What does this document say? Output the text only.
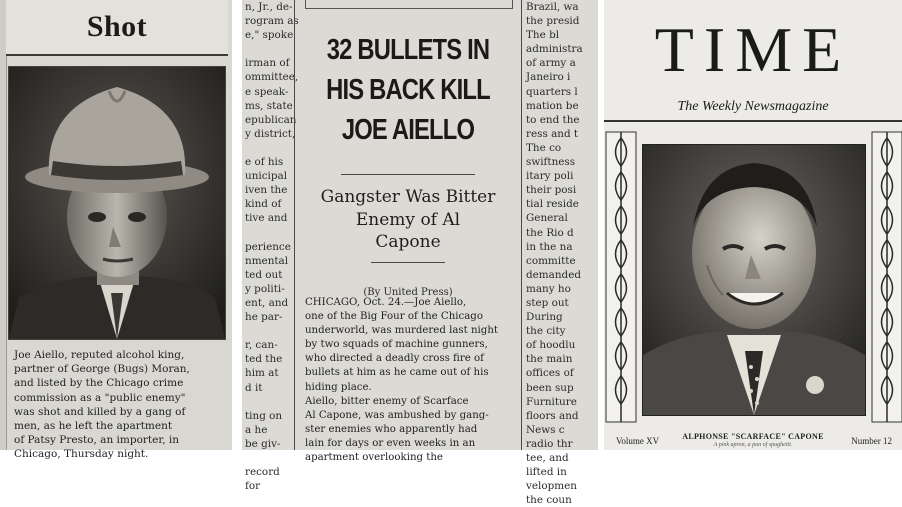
Shot
Joe Aiello, reputed alcohol king,
partner of George (Bugs) Moran,
and listed by the Chicago crime
commission as a "public enemy"
was shot and killed by a gang of
men, as he left the apartment
of Patsy Presto, an importer, in
Chicago, Thursday night.
n, Jr., de-
rogram as
e," spoke

irman of
ommittee,
e speak-
ms, state
epublican
y district,

e of his
unicipal
iven the
kind of
tive and

perience
nmental
ted out
y politi-
ent, and
he par-

r, can-
ted the
him at
d it

ting on
a he
be giv-

record
for
32 BULLETS IN
HIS BACK KILL
JOE AIELLO
Gangster Was Bitter
Enemy of Al
Capone
(By United Press)
CHICAGO, Oct. 24.—Joe Aiello,
one of the Big Four of the Chicago
underworld, was murdered last night
by two squads of machine gunners,
who directed a deadly cross fire of
bullets at him as he came out of his
hiding place.
Aiello, bitter enemy of Scarface
Al Capone, was ambushed by gang-
ster enemies who apparently had
lain for days or even weeks in an
apartment overlooking the
Brazil, wa
the presid
The bl
administra
of army a
Janeiro i
quarters l
mation be
to end the
ress and t
The co
swiftness
itary poli
their posi
tial reside
General
the Rio d
in the na
committe
demanded
many ho
step out
During
the city
of hoodlu
the main
offices of
been sup
Furniture
floors and
News c
radio thr
tee, and
lifted in
velopmen
the coun
TIME
The Weekly Newsmagazine
Volume XV	ALPHONSE "SCARFACE" CAPONE
A pink apron, a pan of spaghetti.	Number 12
